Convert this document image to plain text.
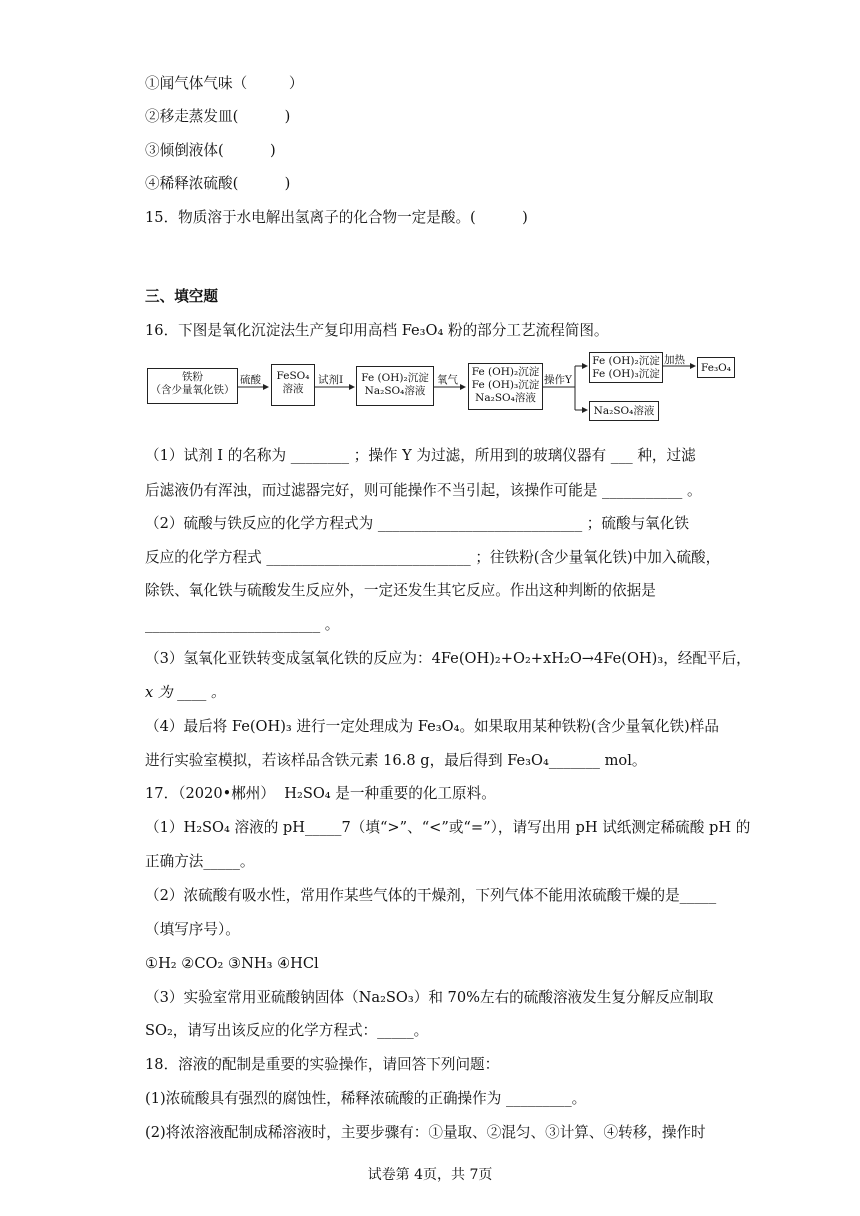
①闻气体气味（         ）
②移走蒸发皿(          )
③倾倒液体(          )
④稀释浓硫酸(          )
15．物质溶于水电解出氢离子的化合物一定是酸。(          )
三、填空题
16．下图是氧化沉淀法生产复印用高档 Fe₃O₄ 粉的部分工艺流程简图。
铁粉
（含少量氧化铁）
硫酸	FeSO₄
溶液
试剂Ⅰ	Fe (OH)₂沉淀
Na₂SO₄溶液
氧气
Fe (OH)₂沉淀
Fe (OH)₃沉淀
Na₂SO₄溶液
操作Y
Fe (OH)₂沉淀
Fe (OH)₃沉淀
加热
Fe₃O₄
Na₂SO₄溶液
（1）试剂 I 的名称为 ________ ；操作 Y 为过滤，所用到的玻璃仪器有 ___ 种，过滤
后滤液仍有浑浊，而过滤器完好，则可能操作不当引起，该操作可能是 ___________ 。
（2）硫酸与铁反应的化学方程式为 ____________________________ ；硫酸与氧化铁
反应的化学方程式 ____________________________ ；往铁粉(含少量氧化铁)中加入硫酸，
除铁、氧化铁与硫酸发生反应外，一定还发生其它反应。作出这种判断的依据是
________________________ 。
（3）氢氧化亚铁转变成氢氧化铁的反应为：4Fe(OH)₂+O₂+xH₂O→4Fe(OH)₃，经配平后，
x 为 ____ 。
（4）最后将 Fe(OH)₃ 进行一定处理成为 Fe₃O₄。如果取用某种铁粉(含少量氧化铁)样品
进行实验室模拟，若该样品含铁元素 16.8 g，最后得到 Fe₃O₄_______ mol。
17．（2020•郴州）  H₂SO₄ 是一种重要的化工原料。
（1）H₂SO₄ 溶液的 pH_____7（填“>”、“<”或“=”），请写出用 pH 试纸测定稀硫酸 pH 的
正确方法_____。
（2）浓硫酸有吸水性，常用作某些气体的干燥剂，下列气体不能用浓硫酸干燥的是_____
（填写序号）。
①H₂ ②CO₂ ③NH₃ ④HCl
（3）实验室常用亚硫酸钠固体（Na₂SO₃）和 70%左右的硫酸溶液发生复分解反应制取
SO₂，请写出该反应的化学方程式：_____。
18．溶液的配制是重要的实验操作，请回答下列问题：
(1)浓硫酸具有强烈的腐蚀性，稀释浓硫酸的正确操作为 _________。
(2)将浓溶液配制成稀溶液时，主要步骤有：①量取、②混匀、③计算、④转移，操作时
试卷第 4页，共 7页
